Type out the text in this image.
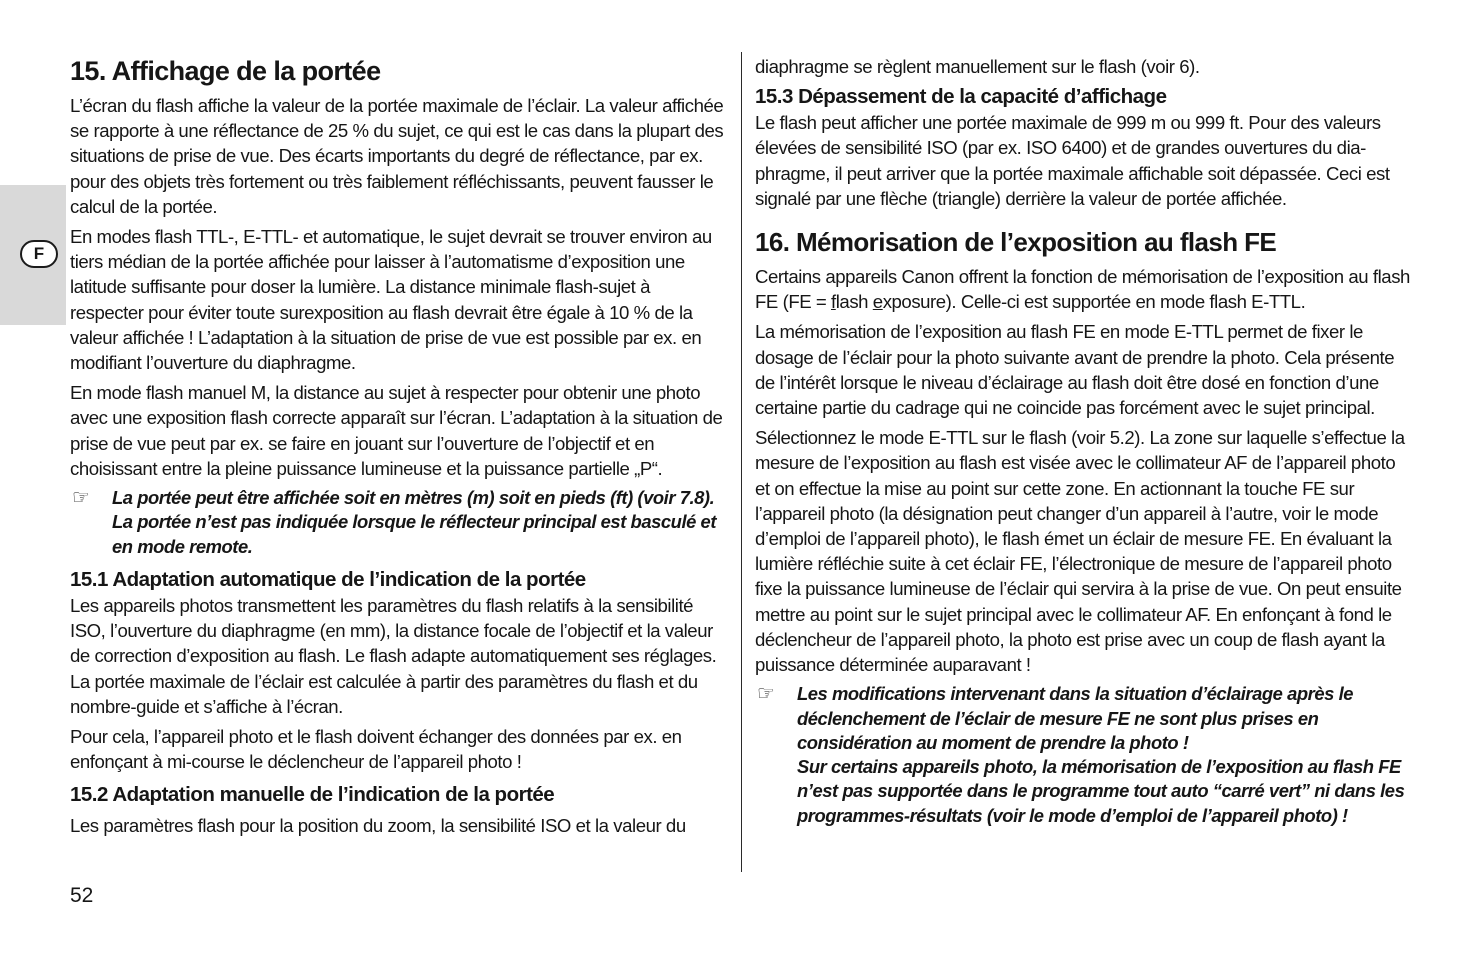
F
15. Affichage de la portée

L’écran du flash affiche la valeur de la portée maximale de l’éclair. La valeur affichée se rapporte à une réflectance de 25 % du sujet, ce qui est le cas dans la plupart des situations de prise de vue. Des écarts importants du degré de réflectance, par ex. pour des objets très fortement ou très faiblement réfléchissants, peuvent fausser le calcul de la portée.

En modes flash TTL-, E-TTL- et automatique, le sujet devrait se trouver environ au tiers médian de la portée affichée pour laisser à l’automatisme d’exposition une latitude suffisante pour doser la lumière. La distance minimale flash-sujet à respecter pour éviter toute surexposition au flash devrait être égale à 10 % de la valeur affichée ! L’adaptation à la situation de prise de vue est possible par ex. en modifiant l’ouverture du diaphragme.

En mode flash manuel M, la distance au sujet à respecter pour obtenir une photo avec une exposition flash correcte apparaît sur l’écran. L’adaptation à la situation de prise de vue peut par ex. se faire en jouant sur l’ouverture de l’objectif et en choisissant entre la pleine puissance lumineuse et la puissance partielle „P“.

☞ La portée peut être affichée soit en mètres (m) soit en pieds (ft) (voir 7.8). La portée n’est pas indiquée lorsque le réflecteur principal est basculé et en mode remote.
15.1 Adaptation automatique de l’indication de la portée

Les appareils photos transmettent les paramètres du flash relatifs à la sensibilité ISO, l’ouverture du diaphragme (en mm), la distance focale de l’objectif et la valeur de correction d’exposition au flash. Le flash adapte automatiquement ses réglages. La portée maximale de l’éclair est calculée à partir des paramètres du flash et du nombre-guide et s’affiche à l’écran.

Pour cela, l’appareil photo et le flash doivent échanger des données par ex. en enfonçant à mi-course le déclencheur de l’appareil photo !

15.2 Adaptation manuelle de l’indication de la portée

Les paramètres flash pour la position du zoom, la sensibilité ISO et la valeur du

diaphragme se règlent manuellement sur le flash (voir 6).

15.3 Dépassement de la capacité d’affichage

Le flash peut afficher une portée maximale de 999 m ou 999 ft. Pour des valeurs élevées de sensibilité ISO (par ex. ISO 6400) et de grandes ouvertures du diaphragme, il peut arriver que la portée maximale affichable soit dépassée. Ceci est signalé par une flèche (triangle) derrière la valeur de portée affichée.

16. Mémorisation de l’exposition au flash FE

Certains appareils Canon offrent la fonction de mémorisation de l’exposition au flash FE (FE = flash exposure). Celle-ci est supportée en mode flash E-TTL.

La mémorisation de l’exposition au flash FE en mode E-TTL permet de fixer le dosage de l’éclair pour la photo suivante avant de prendre la photo. Cela présente de l’intérêt lorsque le niveau d’éclairage au flash doit être dosé en fonction d’une certaine partie du cadrage qui ne coincide pas forcément avec le sujet principal.

Sélectionnez le mode E-TTL sur le flash (voir 5.2). La zone sur laquelle s’effectue la mesure de l’exposition au flash est visée avec le collimateur AF de l’appareil photo et on effectue la mise au point sur cette zone. En actionnant la touche FE sur l’appareil photo (la désignation peut changer d’un appareil à l’autre, voir le mode d’emploi de l’appareil photo), le flash émet un éclair de mesure FE. En évaluant la lumière réfléchie suite à cet éclair FE, l’électronique de mesure de l’appareil photo fixe la puissance lumineuse de l’éclair qui servira à la prise de vue. On peut ensuite mettre au point sur le sujet principal avec le collimateur AF. En enfonçant à fond le déclencheur de l’appareil photo, la photo est prise avec un coup de flash ayant la puissance déterminée auparavant !

☞ Les modifications intervenant dans la situation d’éclairage après le déclenchement de l’éclair de mesure FE ne sont plus prises en considération au moment de prendre la photo !
Sur certains appareils photo, la mémorisation de l’exposition au flash FE n’est pas supportée dans le programme tout auto “carré vert” ni dans les programmes-résultats (voir le mode d’emploi de l’appareil photo) !
52
